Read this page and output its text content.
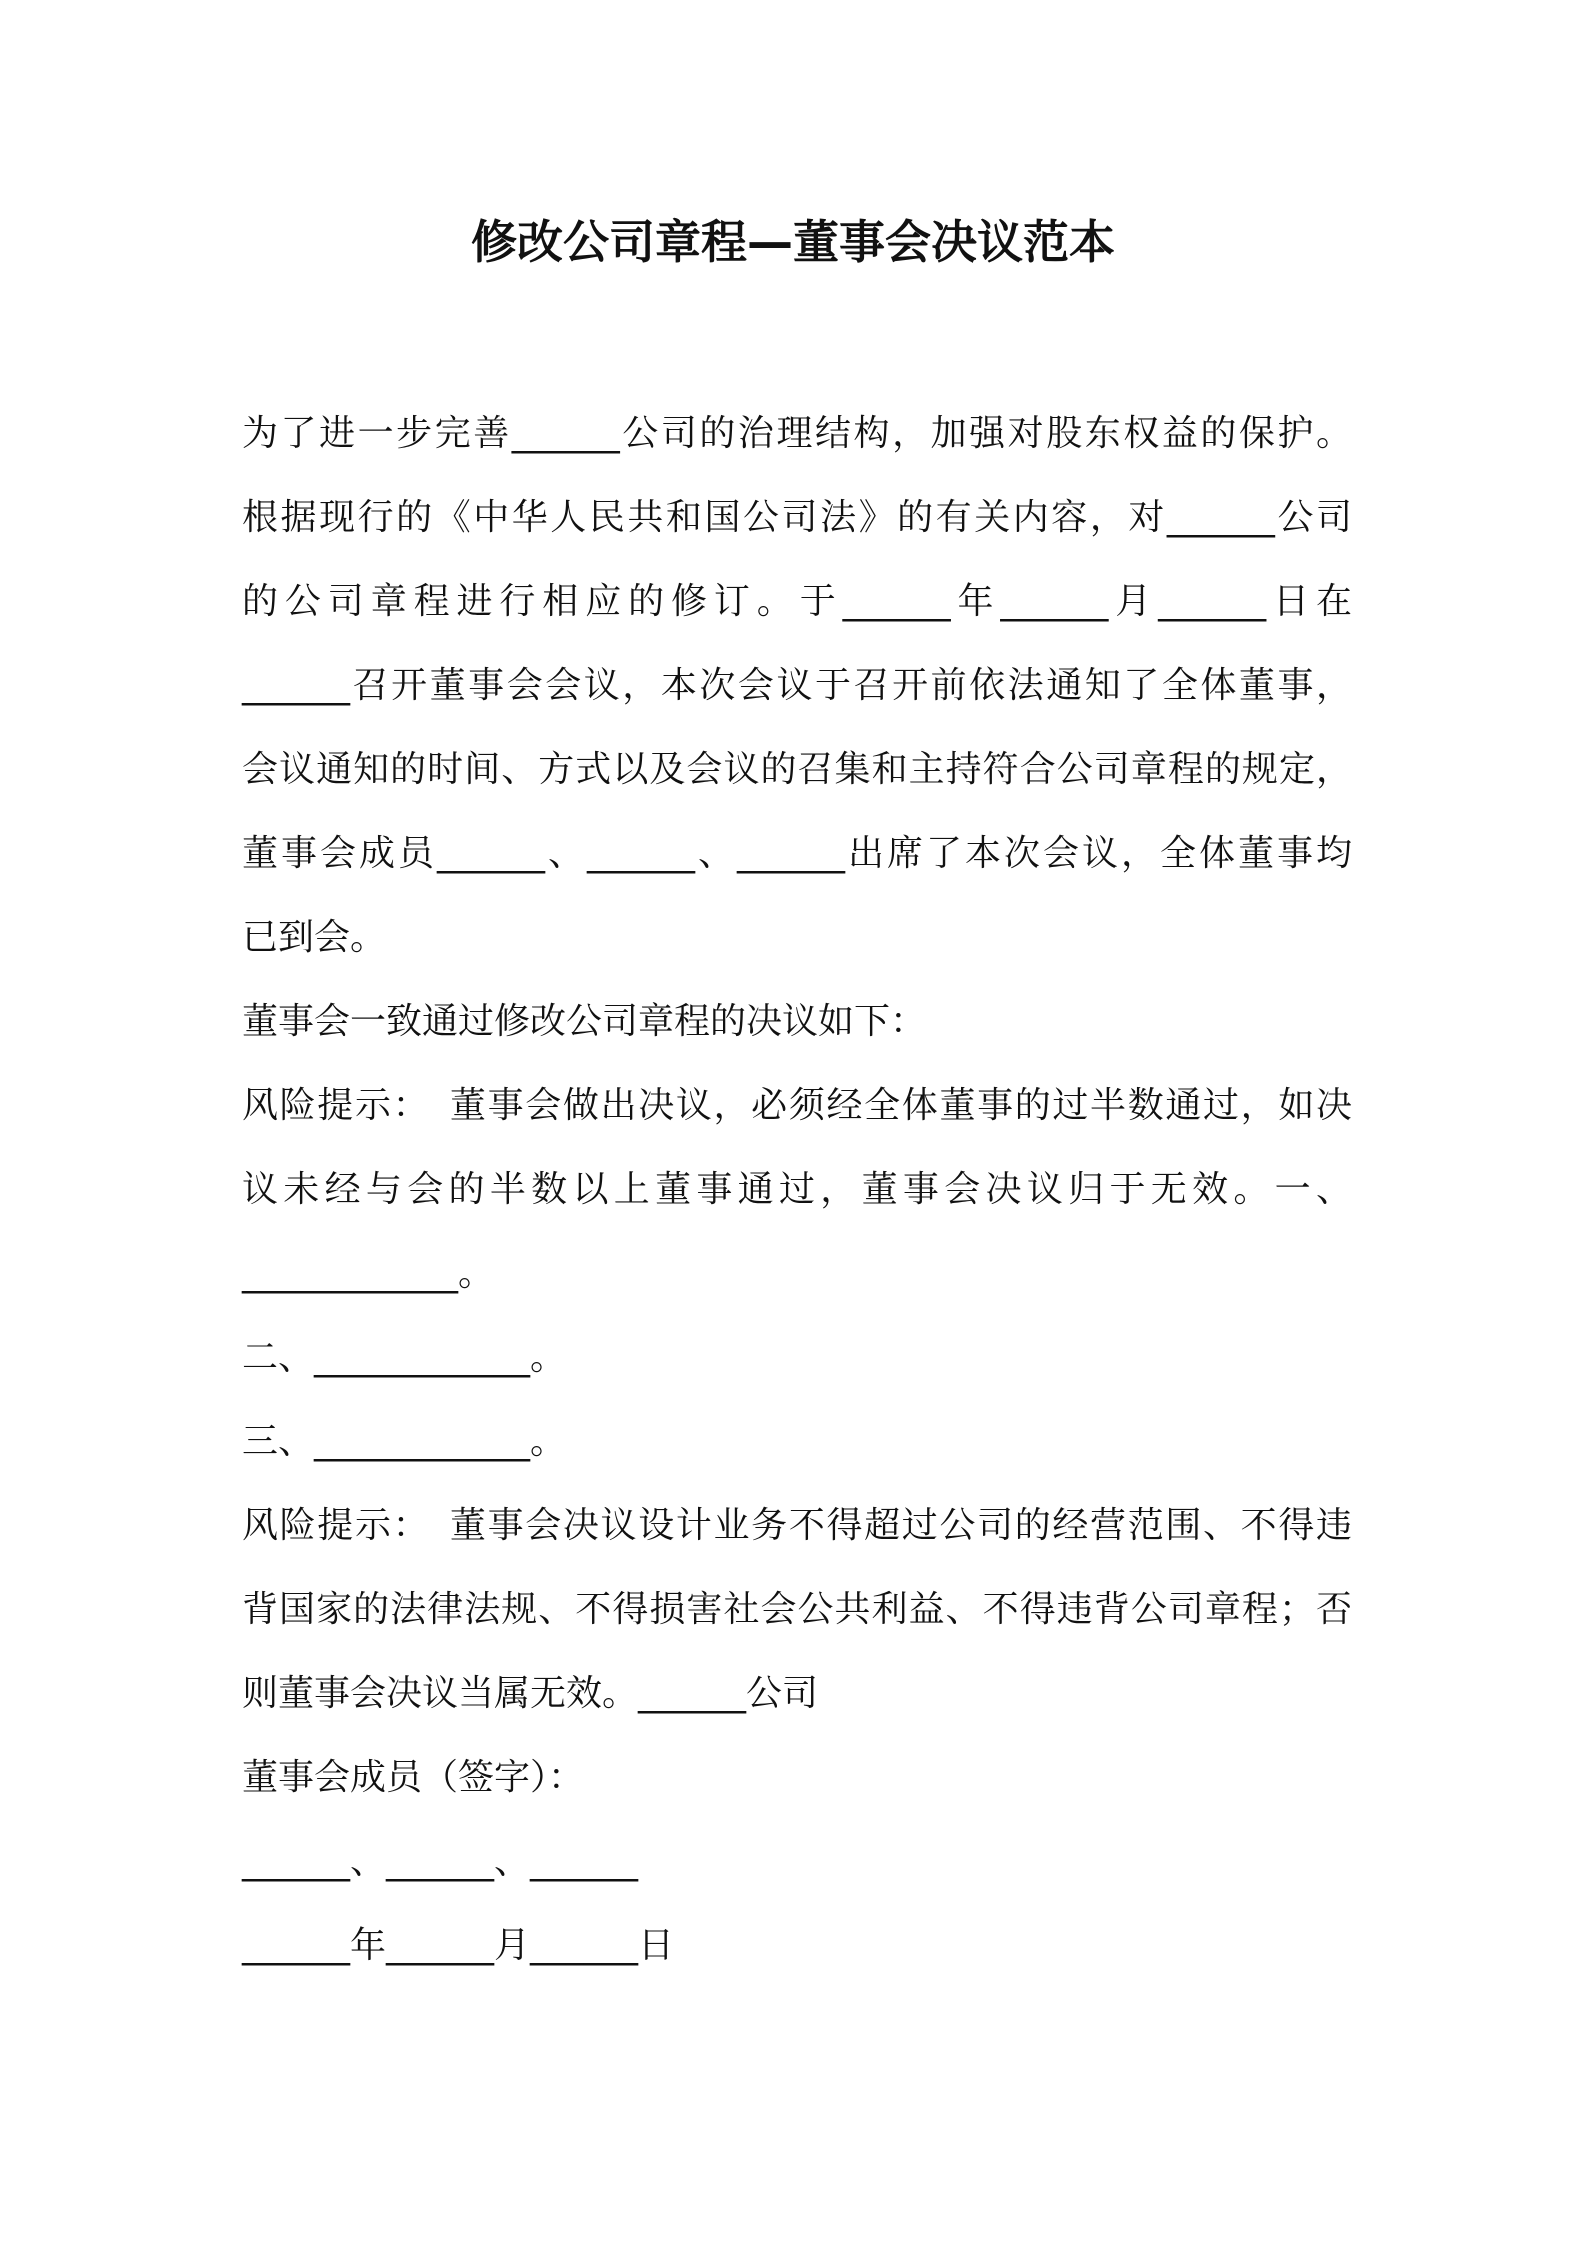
修改公司章程—董事会决议范本
为了进一步完善______公司的治理结构，加强对股东权益的保护。
根据现行的《中华人民共和国公司法》的有关内容，对______公司
的公司章程进行相应的修订。于______年______月______日在
______召开董事会会议，本次会议于召开前依法通知了全体董事，
会议通知的时间、方式以及会议的召集和主持符合公司章程的规定，
董事会成员______、______、______出席了本次会议，全体董事均
已到会。
董事会一致通过修改公司章程的决议如下：
风险提示：　董事会做出决议，必须经全体董事的过半数通过，如决
议未经与会的半数以上董事通过，董事会决议归于无效。一、
____________。
二、____________。
三、____________。
风险提示：　董事会决议设计业务不得超过公司的经营范围、不得违
背国家的法律法规、不得损害社会公共利益、不得违背公司章程；否
则董事会决议当属无效。______公司
董事会成员（签字）：
______、______、______
______年______月______日
